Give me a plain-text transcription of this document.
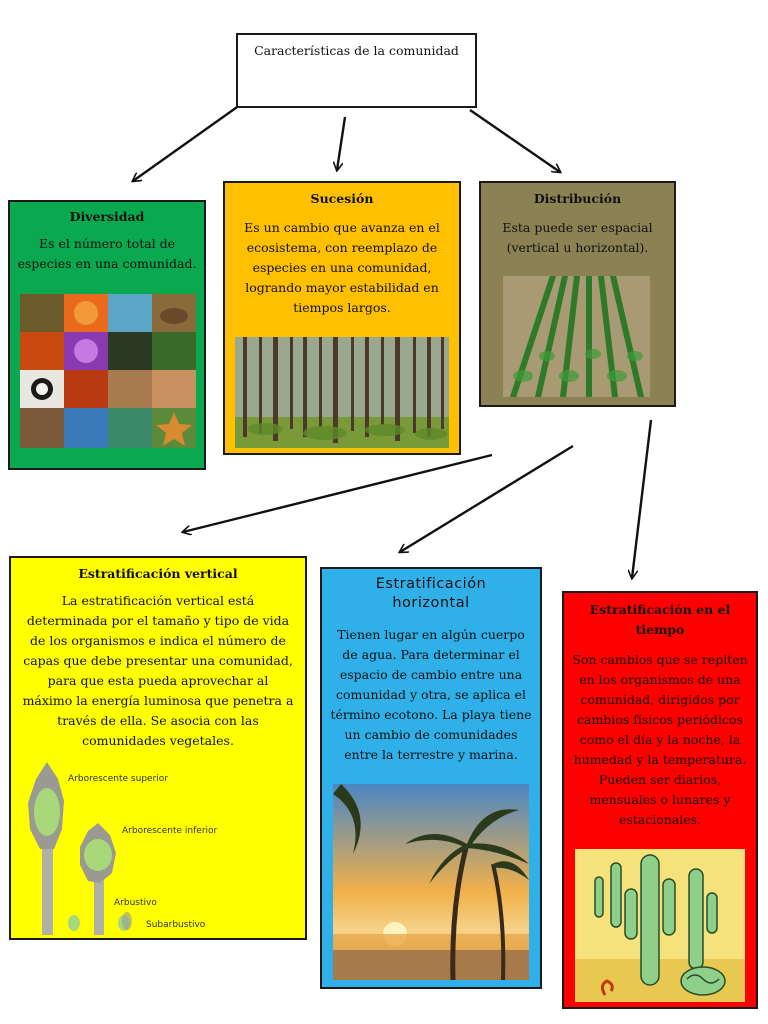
Características de la comunidad
Diversidad
Es el número total de especies en una comunidad.
Sucesión
Es un cambio que avanza en el ecosistema, con reemplazo de especies en una comunidad, logrando mayor estabilidad en tiempos largos.
Distribución
Esta puede ser espacial (vertical u horizontal).
Estratificación vertical
La estratificación vertical está determinada por el tamaño y tipo de vida de los organismos e indica el número de capas que debe presentar una comunidad, para que esta pueda aprovechar al máximo la energía luminosa que penetra a través de ella. Se asocia con las comunidades vegetales.
Arborescente superior
Arborescente inferior
Arbustivo
Subarbustivo
Estratificación horizontal
Tienen lugar en algún cuerpo de agua. Para determinar el espacio de cambio entre una comunidad y otra, se aplica el término ecotono. La playa tiene un cambio de comunidades entre la terrestre y marina.
Estratificación en el tiempo
Son cambios que se repiten en los organismos de una comunidad, dirigidos por cambios físicos periódicos como el día y la noche, la humedad y la temperatura. Pueden ser diarios, mensuales o lunares y estacionales.
